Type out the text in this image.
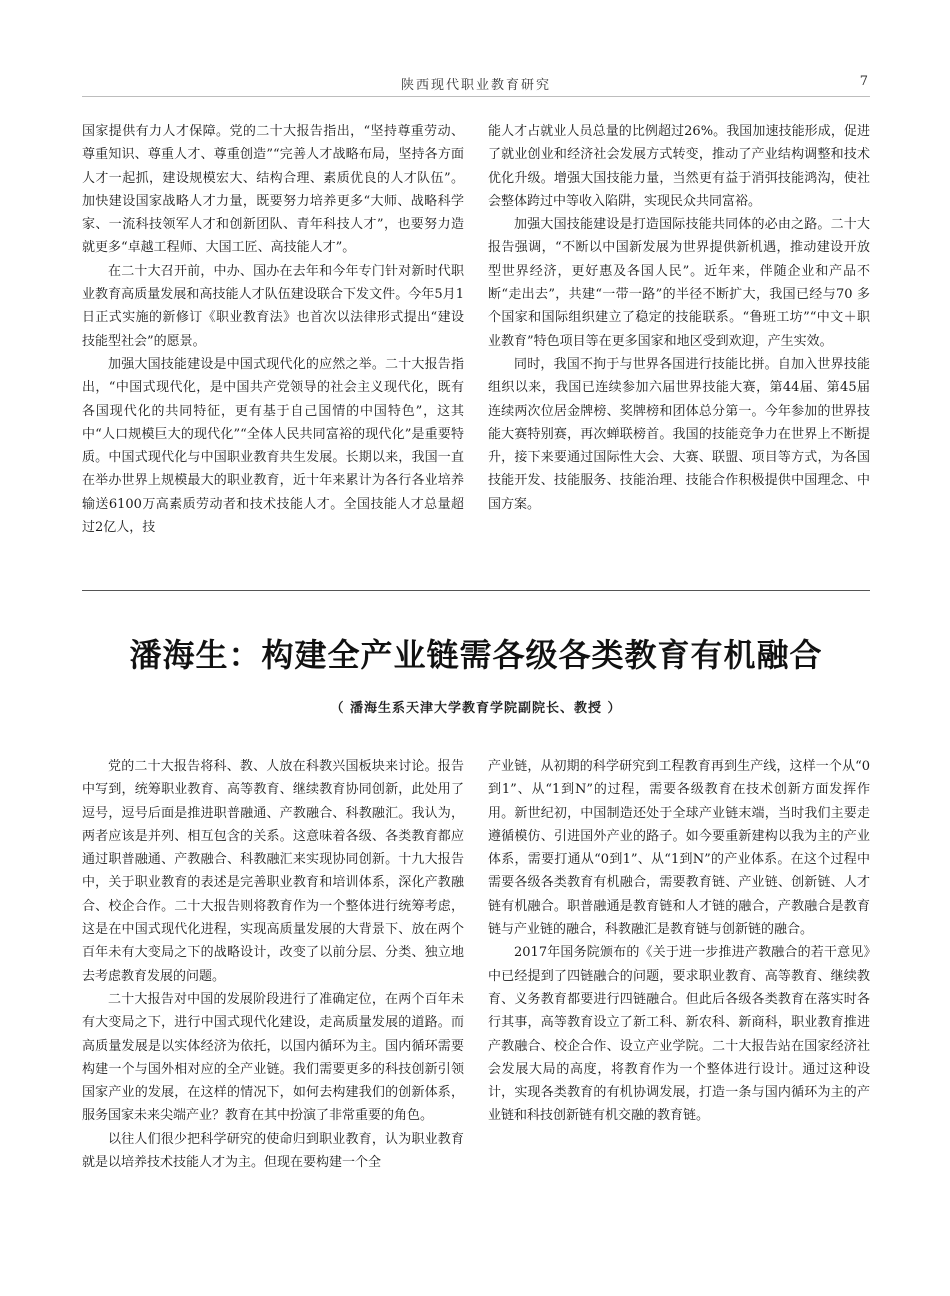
陕西现代职业教育研究	7

国家提供有力人才保障。党的二十大报告指出，“坚持尊重劳动、尊重知识、尊重人才、尊重创造”“完善人才战略布局，坚持各方面人才一起抓，建设规模宏大、结构合理、素质优良的人才队伍”。加快建设国家战略人才力量，既要努力培养更多“大师、战略科学家、一流科技领军人才和创新团队、青年科技人才”，也要努力造就更多“卓越工程师、大国工匠、高技能人才”。

在二十大召开前，中办、国办在去年和今年专门针对新时代职业教育高质量发展和高技能人才队伍建设联合下发文件。今年5月1日正式实施的新修订《职业教育法》也首次以法律形式提出“建设技能型社会”的愿景。

加强大国技能建设是中国式现代化的应然之举。二十大报告指出，“中国式现代化，是中国共产党领导的社会主义现代化，既有各国现代化的共同特征，更有基于自己国情的中国特色”，这其中“人口规模巨大的现代化”“全体人民共同富裕的现代化”是重要特质。中国式现代化与中国职业教育共生发展。长期以来，我国一直在举办世界上规模最大的职业教育，近十年来累计为各行各业培养输送6100万高素质劳动者和技术技能人才。全国技能人才总量超过2亿人，技

能人才占就业人员总量的比例超过26%。我国加速技能形成，促进了就业创业和经济社会发展方式转变，推动了产业结构调整和技术优化升级。增强大国技能力量，当然更有益于消弭技能鸿沟，使社会整体跨过中等收入陷阱，实现民众共同富裕。

加强大国技能建设是打造国际技能共同体的必由之路。二十大报告强调，“不断以中国新发展为世界提供新机遇，推动建设开放型世界经济，更好惠及各国人民”。近年来，伴随企业和产品不断“走出去”，共建“一带一路”的半径不断扩大，我国已经与70 多个国家和国际组织建立了稳定的技能联系。“鲁班工坊”“中文＋职业教育”特色项目等在更多国家和地区受到欢迎，产生实效。

同时，我国不拘于与世界各国进行技能比拼。自加入世界技能组织以来，我国已连续参加六届世界技能大赛，第44届、第45届连续两次位居金牌榜、奖牌榜和团体总分第一。今年参加的世界技能大赛特别赛，再次蝉联榜首。我国的技能竞争力在世界上不断提升，接下来要通过国际性大会、大赛、联盟、项目等方式，为各国技能开发、技能服务、技能治理、技能合作积极提供中国理念、中国方案。

潘海生：构建全产业链需各级各类教育有机融合
（ 潘海生系天津大学教育学院副院长、教授 ）

党的二十大报告将科、教、人放在科教兴国板块来讨论。报告中写到，统筹职业教育、高等教育、继续教育协同创新，此处用了逗号，逗号后面是推进职普融通、产教融合、科教融汇。我认为，两者应该是并列、相互包含的关系。这意味着各级、各类教育都应通过职普融通、产教融合、科教融汇来实现协同创新。十九大报告中，关于职业教育的表述是完善职业教育和培训体系，深化产教融合、校企合作。二十大报告则将教育作为一个整体进行统筹考虑，这是在中国式现代化进程，实现高质量发展的大背景下、放在两个百年未有大变局之下的战略设计，改变了以前分层、分类、独立地去考虑教育发展的问题。

二十大报告对中国的发展阶段进行了准确定位，在两个百年未有大变局之下，进行中国式现代化建设，走高质量发展的道路。而高质量发展是以实体经济为依托，以国内循环为主。国内循环需要构建一个与国外相对应的全产业链。我们需要更多的科技创新引领国家产业的发展，在这样的情况下，如何去构建我们的创新体系，服务国家未来尖端产业？教育在其中扮演了非常重要的角色。

以往人们很少把科学研究的使命归到职业教育，认为职业教育就是以培养技术技能人才为主。但现在要构建一个全

产业链，从初期的科学研究到工程教育再到生产线，这样一个从“0到1”、从“1到N”的过程，需要各级教育在技术创新方面发挥作用。新世纪初，中国制造还处于全球产业链末端，当时我们主要走遵循模仿、引进国外产业的路子。如今要重新建构以我为主的产业体系，需要打通从“0到1”、从“1到N”的产业体系。在这个过程中需要各级各类教育有机融合，需要教育链、产业链、创新链、人才链有机融合。职普融通是教育链和人才链的融合，产教融合是教育链与产业链的融合，科教融汇是教育链与创新链的融合。

2017年国务院颁布的《关于进一步推进产教融合的若干意见》中已经提到了四链融合的问题，要求职业教育、高等教育、继续教育、义务教育都要进行四链融合。但此后各级各类教育在落实时各行其事，高等教育设立了新工科、新农科、新商科，职业教育推进产教融合、校企合作、设立产业学院。二十大报告站在国家经济社会发展大局的高度，将教育作为一个整体进行设计。通过这种设计，实现各类教育的有机协调发展，打造一条与国内循环为主的产业链和科技创新链有机交融的教育链。
